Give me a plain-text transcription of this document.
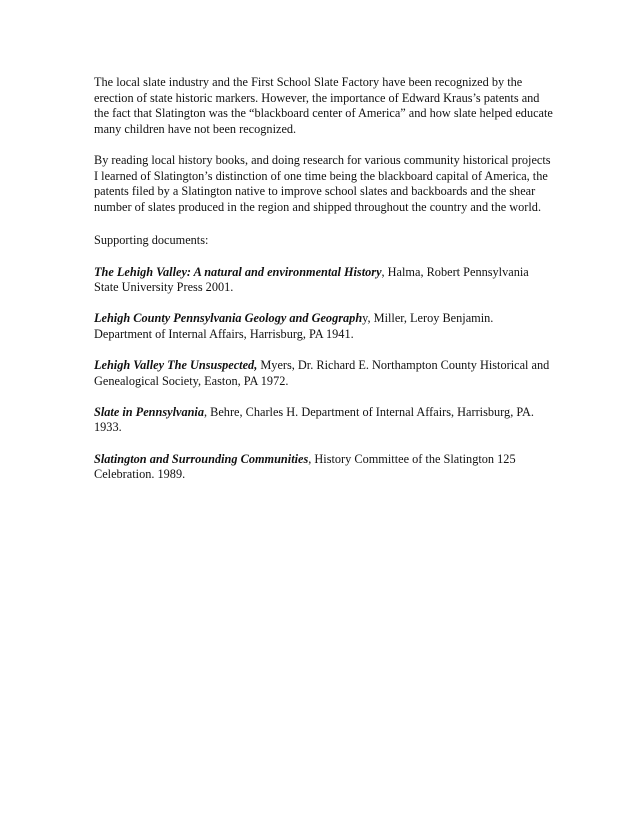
The local slate industry and the First School Slate Factory have been recognized by the erection of state historic markers. However, the importance of Edward Kraus’s patents and the fact that Slatington was the “blackboard center of America” and how slate helped educate many children have not been recognized.

By reading local history books, and doing research for various community historical projects I learned of Slatington’s distinction of one time being the blackboard capital of America, the patents filed by a Slatington native to improve school slates and backboards and the shear number of slates produced in the region and shipped throughout the country and the world.

Supporting documents:

The Lehigh Valley: A natural and environmental History, Halma, Robert Pennsylvania State University Press 2001.

Lehigh County Pennsylvania Geology and Geography, Miller, Leroy Benjamin. Department of Internal Affairs, Harrisburg, PA 1941.

Lehigh Valley The Unsuspected, Myers, Dr. Richard E. Northampton County Historical and Genealogical Society, Easton, PA 1972.

Slate in Pennsylvania, Behre, Charles H. Department of Internal Affairs, Harrisburg, PA. 1933.

Slatington and Surrounding Communities, History Committee of the Slatington 125 Celebration. 1989.
